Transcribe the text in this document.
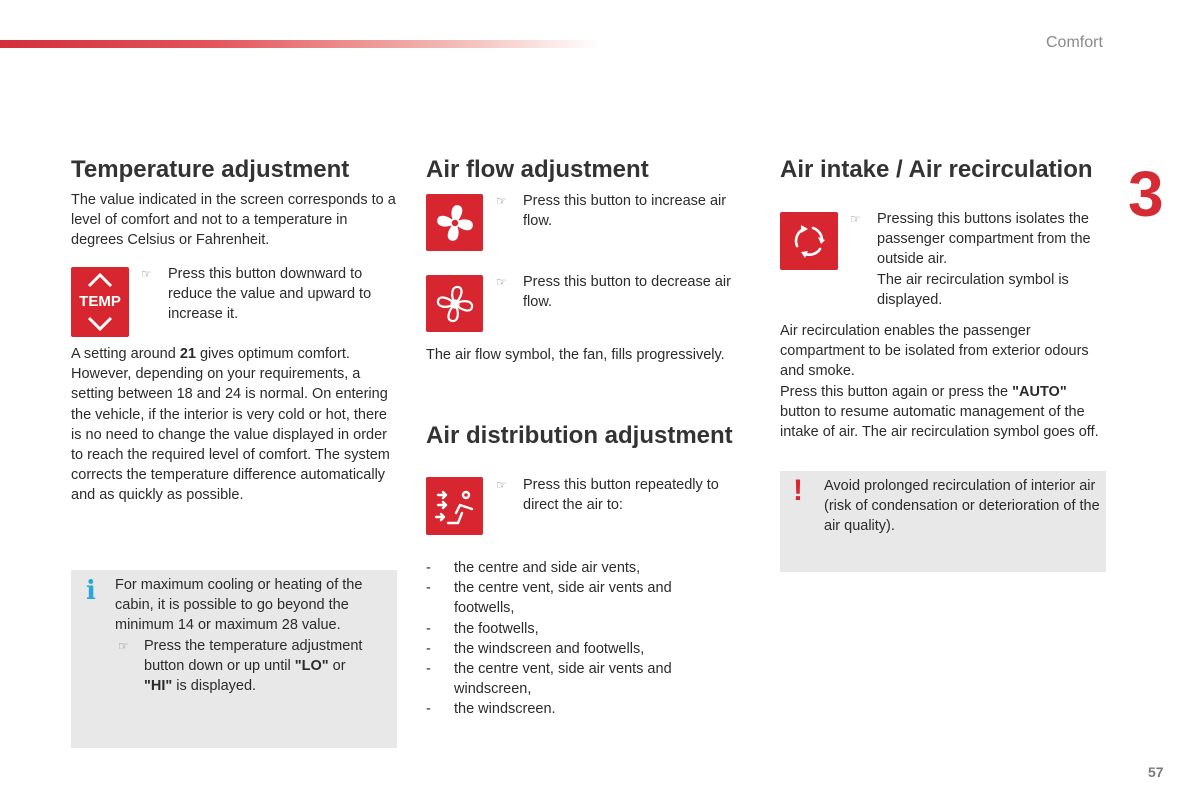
Comfort
3
57
Temperature adjustment
The value indicated in the screen corresponds to a level of comfort and not to a temperature in degrees Celsius or Fahrenheit.
TEMP
☞ Press this button downward to reduce the value and upward to increase it.
A setting around 21 gives optimum comfort. However, depending on your requirements, a setting between 18 and 24 is normal. On entering the vehicle, if the interior is very cold or hot, there is no need to change the value displayed in order to reach the required level of comfort. The system corrects the temperature difference automatically and as quickly as possible.
i For maximum cooling or heating of the cabin, it is possible to go beyond the minimum 14 or maximum 28 value.
☞ Press the temperature adjustment button down or up until "LO" or
"HI" is displayed.
Air flow adjustment
☞ Press this button to increase air flow.
☞ Press this button to decrease air flow.
The air flow symbol, the fan, fills progressively.
Air distribution adjustment
☞ Press this button repeatedly to direct the air to:
- the centre and side air vents,
- the centre vent, side air vents and footwells,
- the footwells,
- the windscreen and footwells,
- the centre vent, side air vents and windscreen,
- the windscreen.
Air intake / Air recirculation
☞ Pressing this buttons isolates the passenger compartment from the outside air.
The air recirculation symbol is displayed.
Air recirculation enables the passenger compartment to be isolated from exterior odours and smoke.
Press this button again or press the "AUTO" button to resume automatic management of the intake of air. The air recirculation symbol goes off.
! Avoid prolonged recirculation of interior air (risk of condensation or deterioration of the air quality).
